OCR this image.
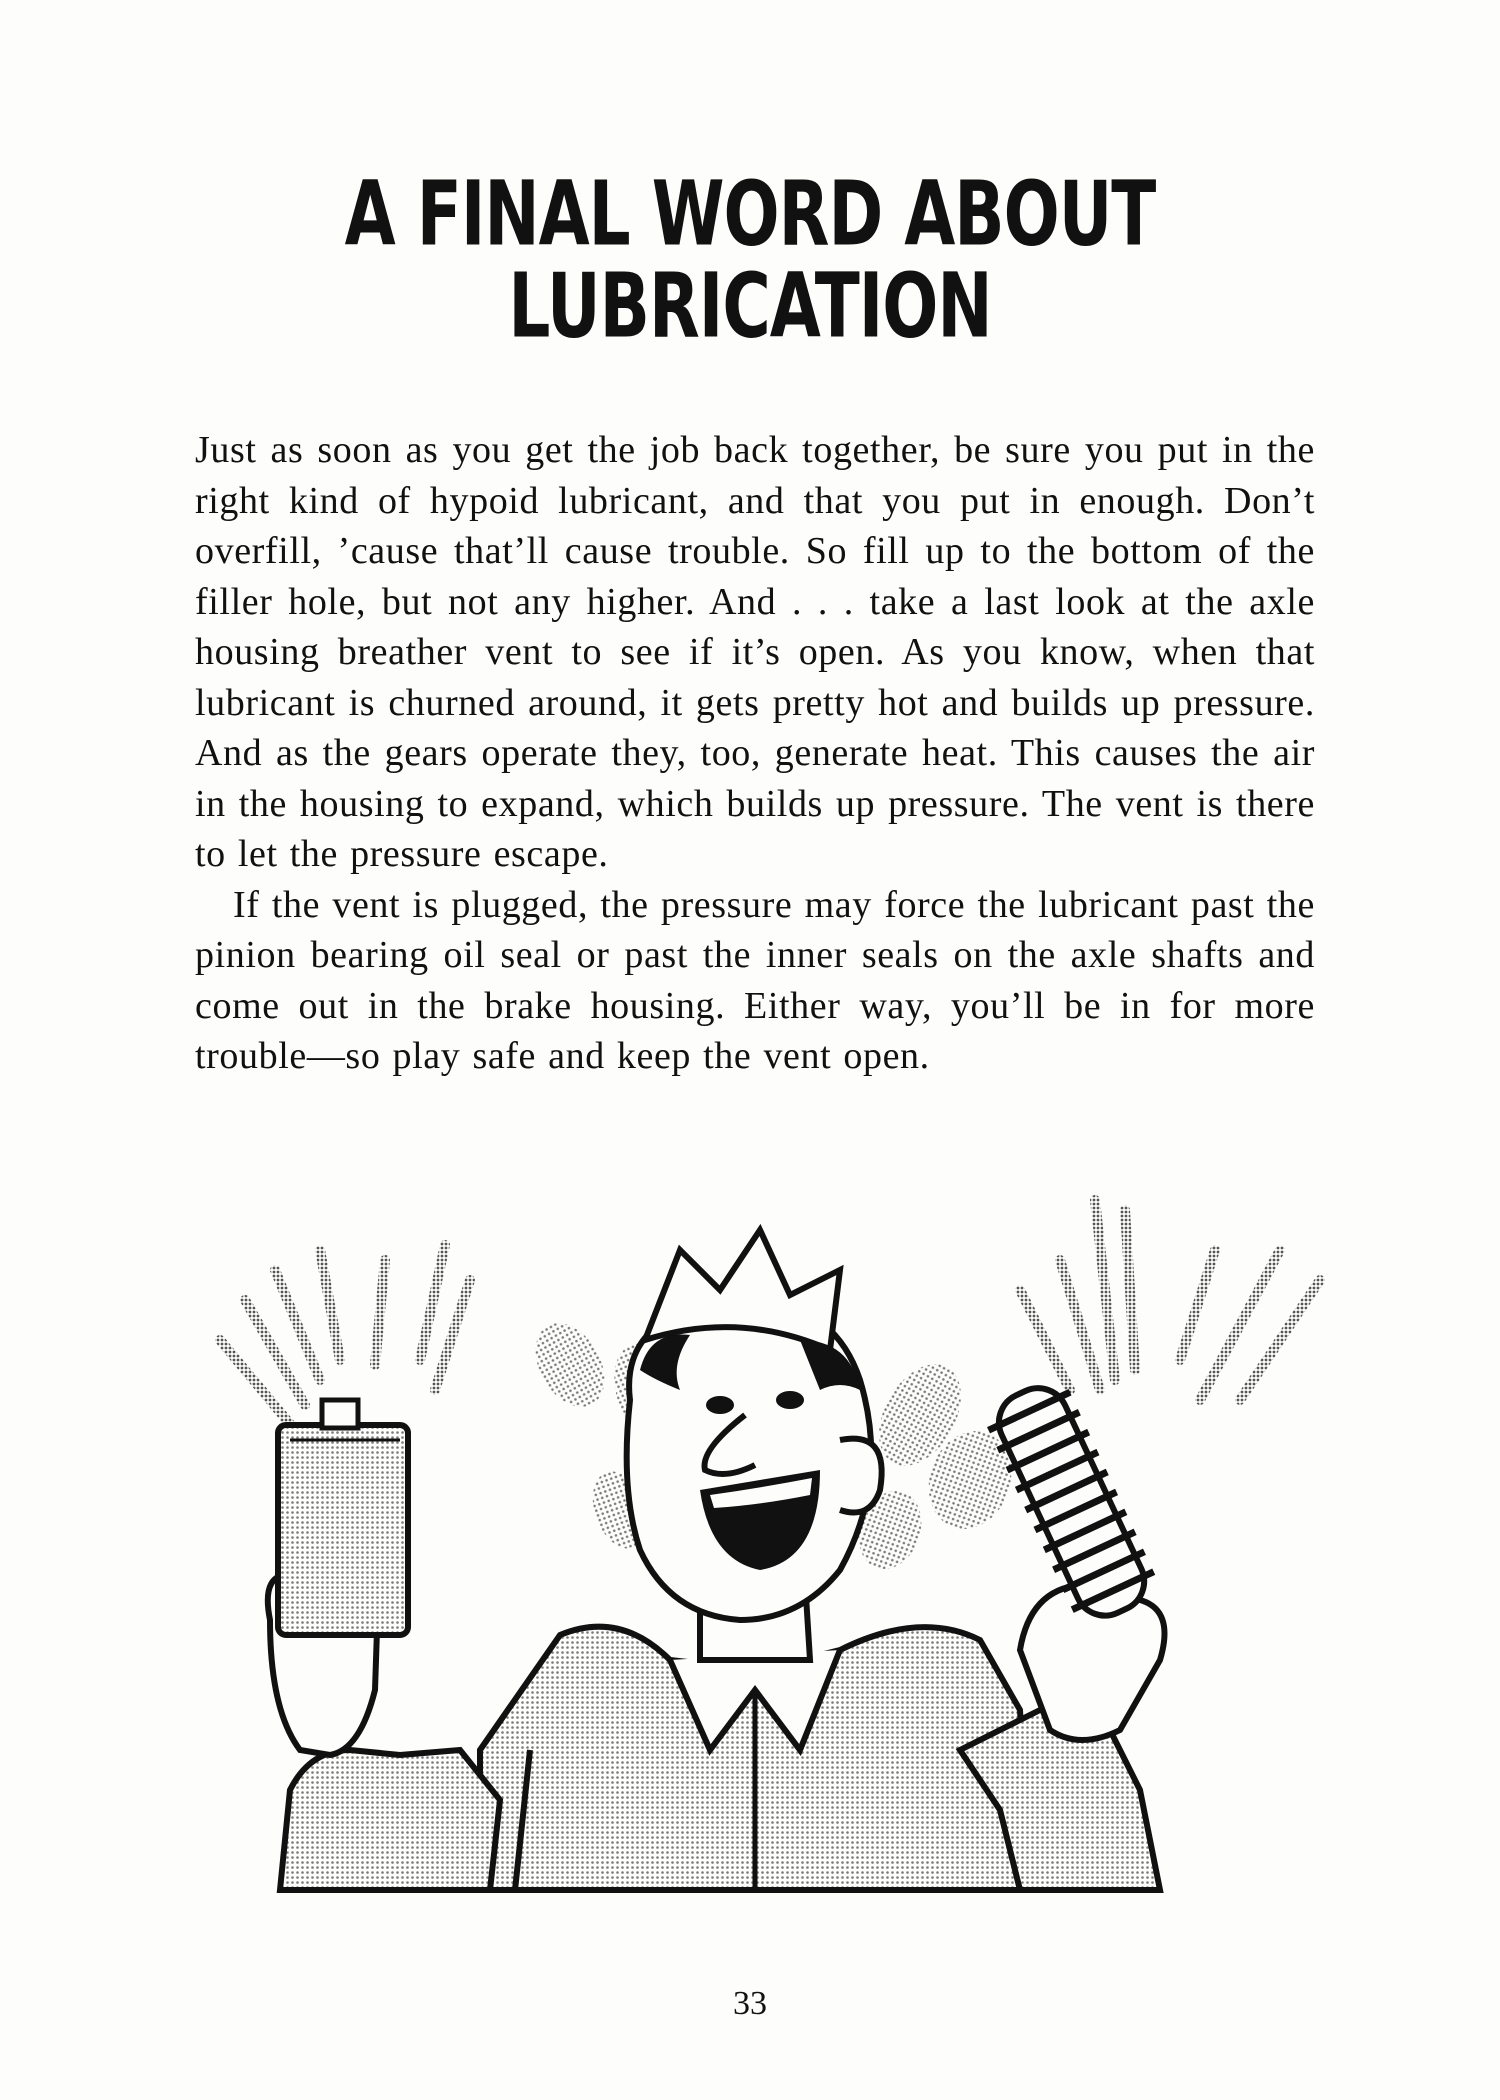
A FINAL WORD ABOUT
LUBRICATION

Just as soon as you get the job back together, be sure you put in the right kind of hypoid lubricant, and that you put in enough. Don’t overfill, ’cause that’ll cause trouble. So fill up to the bottom of the filler hole, but not any higher. And . . . take a last look at the axle housing breather vent to see if it’s open. As you know, when that lubricant is churned around, it gets pretty hot and builds up pressure. And as the gears operate they, too, generate heat. This causes the air in the housing to expand, which builds up pressure. The vent is there to let the pressure escape.

If the vent is plugged, the pressure may force the lubricant past the pinion bearing oil seal or past the inner seals on the axle shafts and come out in the brake housing. Either way, you’ll be in for more trouble—so play safe and keep the vent open.

33
